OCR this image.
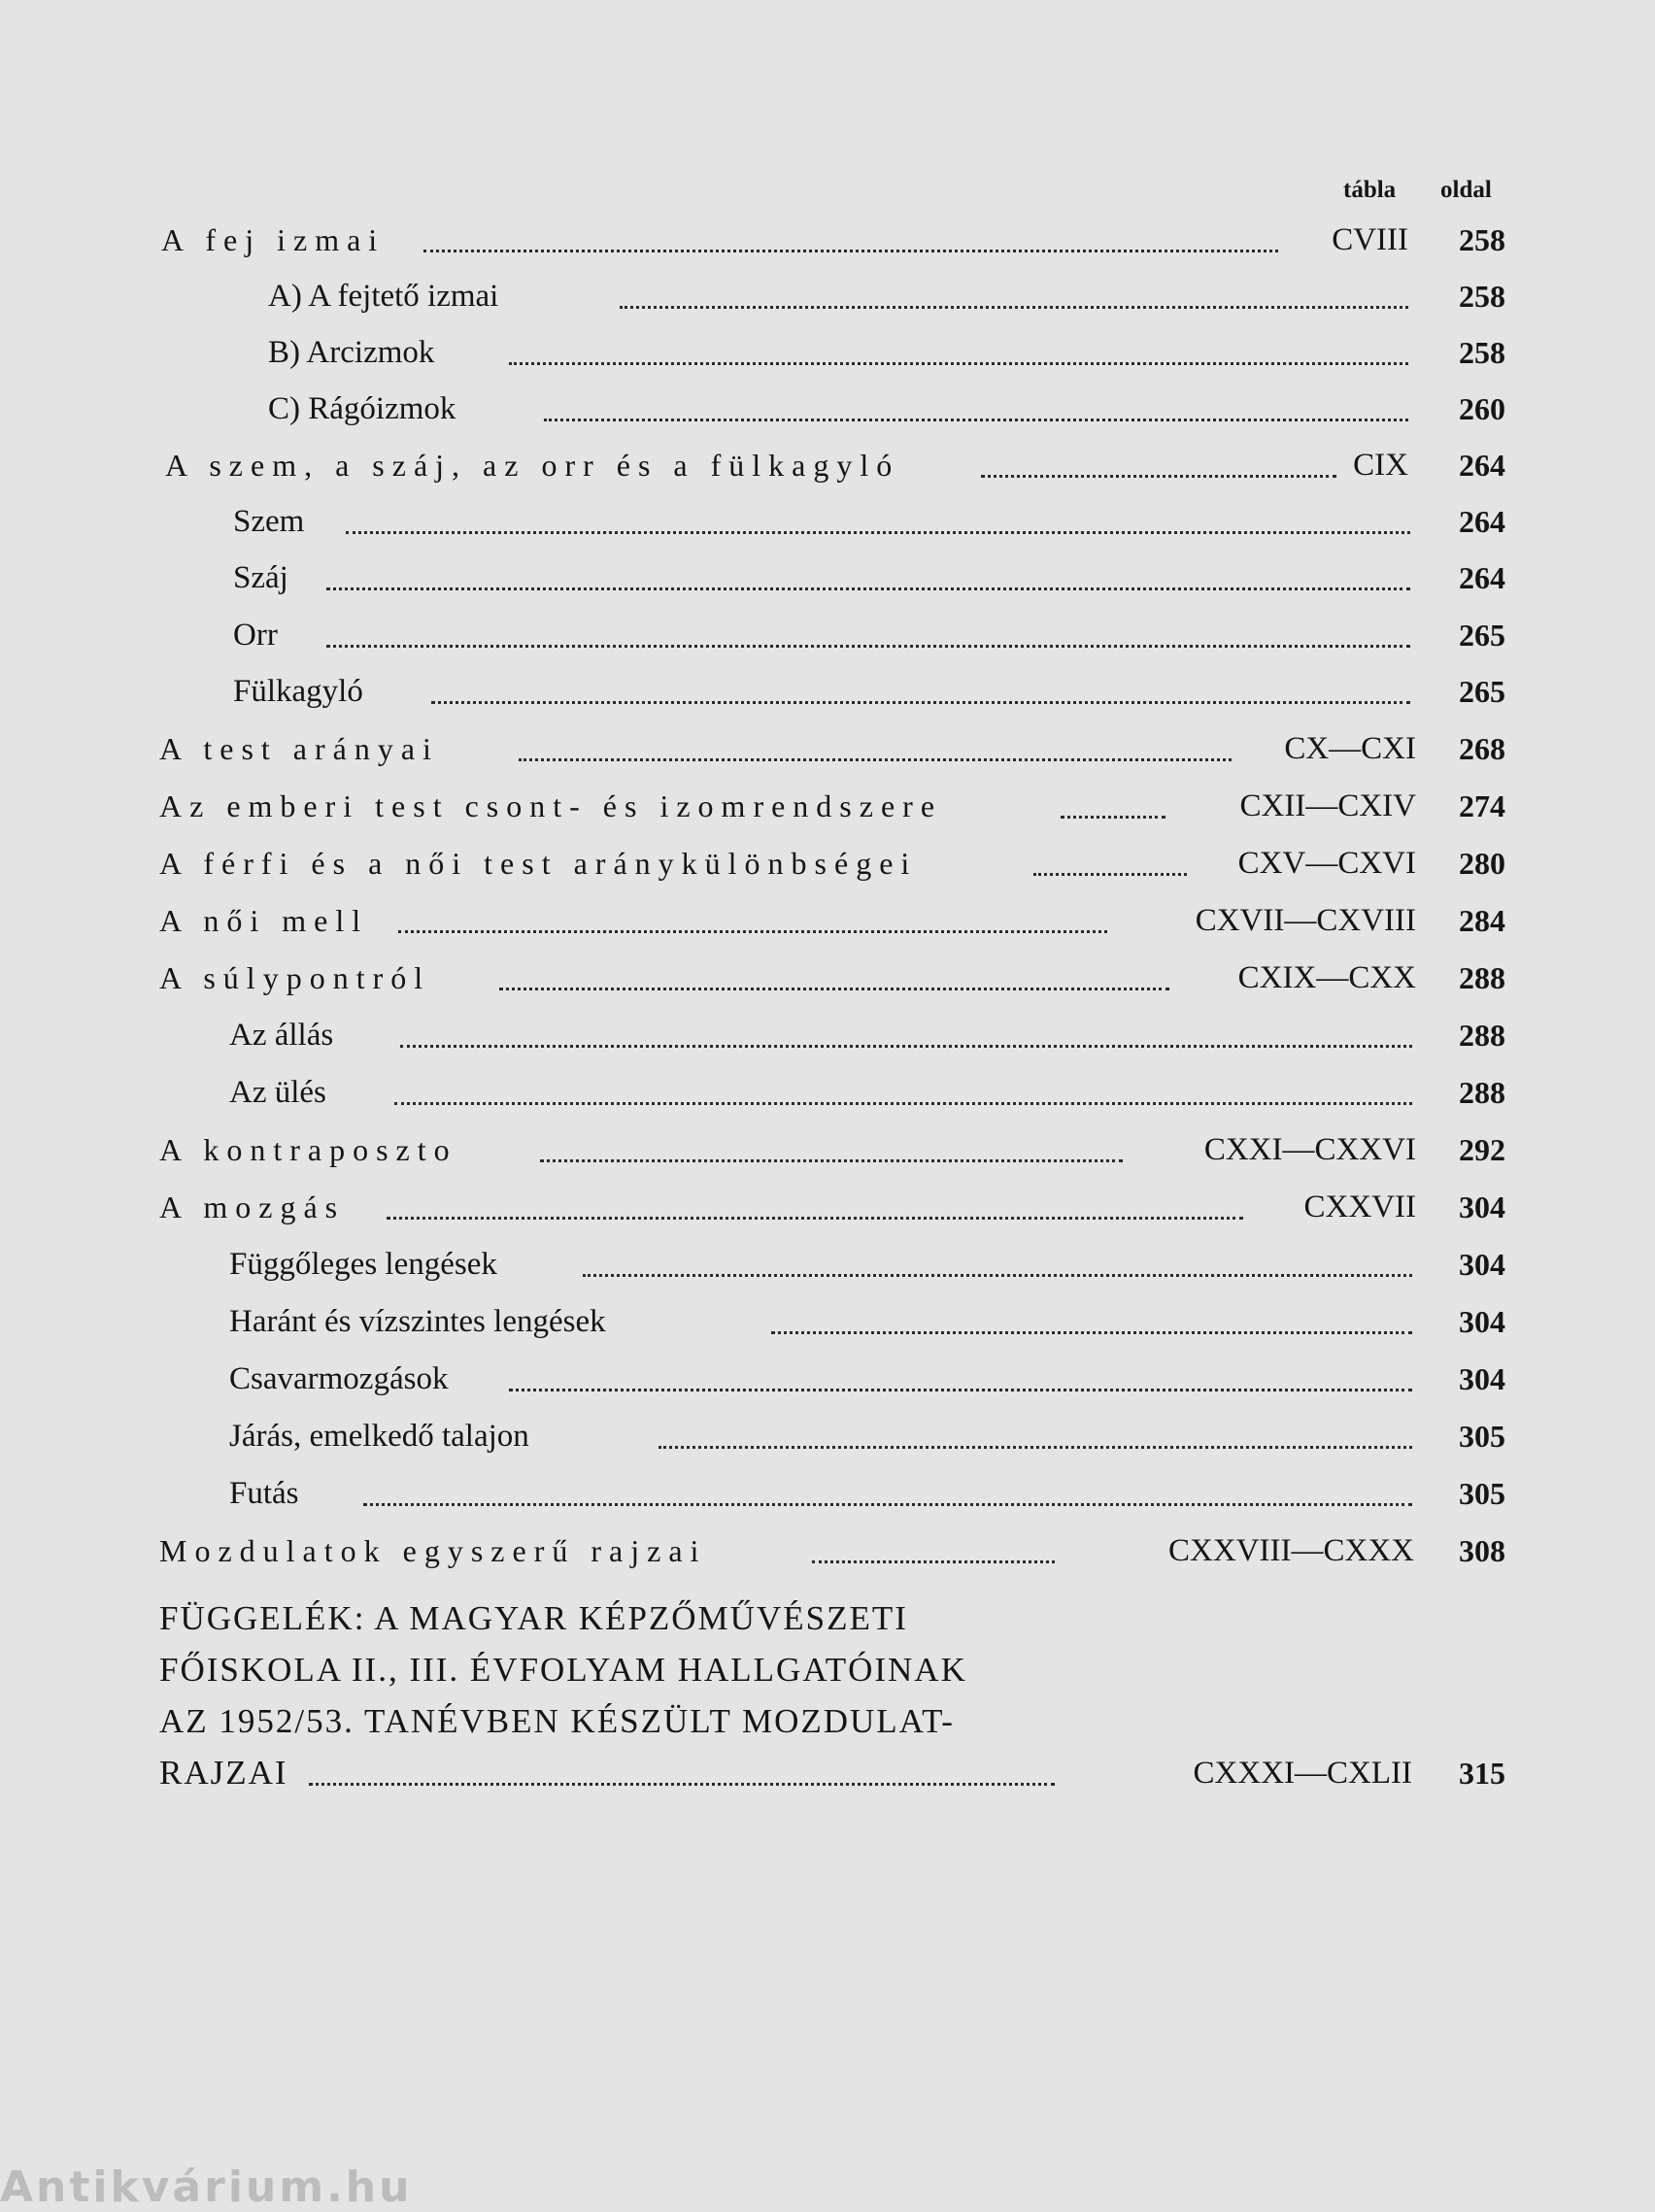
tábla oldal
A fej izmai	CVIII 258
A) A fejtető izmai	258
B) Arcizmok	258
C) Rágóizmok	260
A szem, a száj, az orr és a fülkagyló	CIX 264
Szem	264
Száj	264
Orr	265
Fülkagyló	265
A test arányai	CX—CXI 268
Az emberi test csont- és izomrendszere	CXII—CXIV 274
A férfi és a női test aránykülönbségei	CXV—CXVI 280
A női mell	CXVII—CXVIII 284
A súlypontról	CXIX—CXX 288
Az állás	288
Az ülés	288
A kontraposzto	CXXI—CXXVI 292
A mozgás	CXXVII 304
Függőleges lengések	304
Haránt és vízszintes lengések	304
Csavarmozgások	304
Járás, emelkedő talajon	305
Futás	305
Mozdulatok egyszerű rajzai	CXXVIII—CXXX 308
FÜGGELÉK: A MAGYAR KÉPZŐMŰVÉSZETI
FŐISKOLA II., III. ÉVFOLYAM HALLGATÓINAK
AZ 1952/53. TANÉVBEN KÉSZÜLT MOZDULAT-
RAJZAI	CXXXI—CXLII 315
Antikvárium.hu
